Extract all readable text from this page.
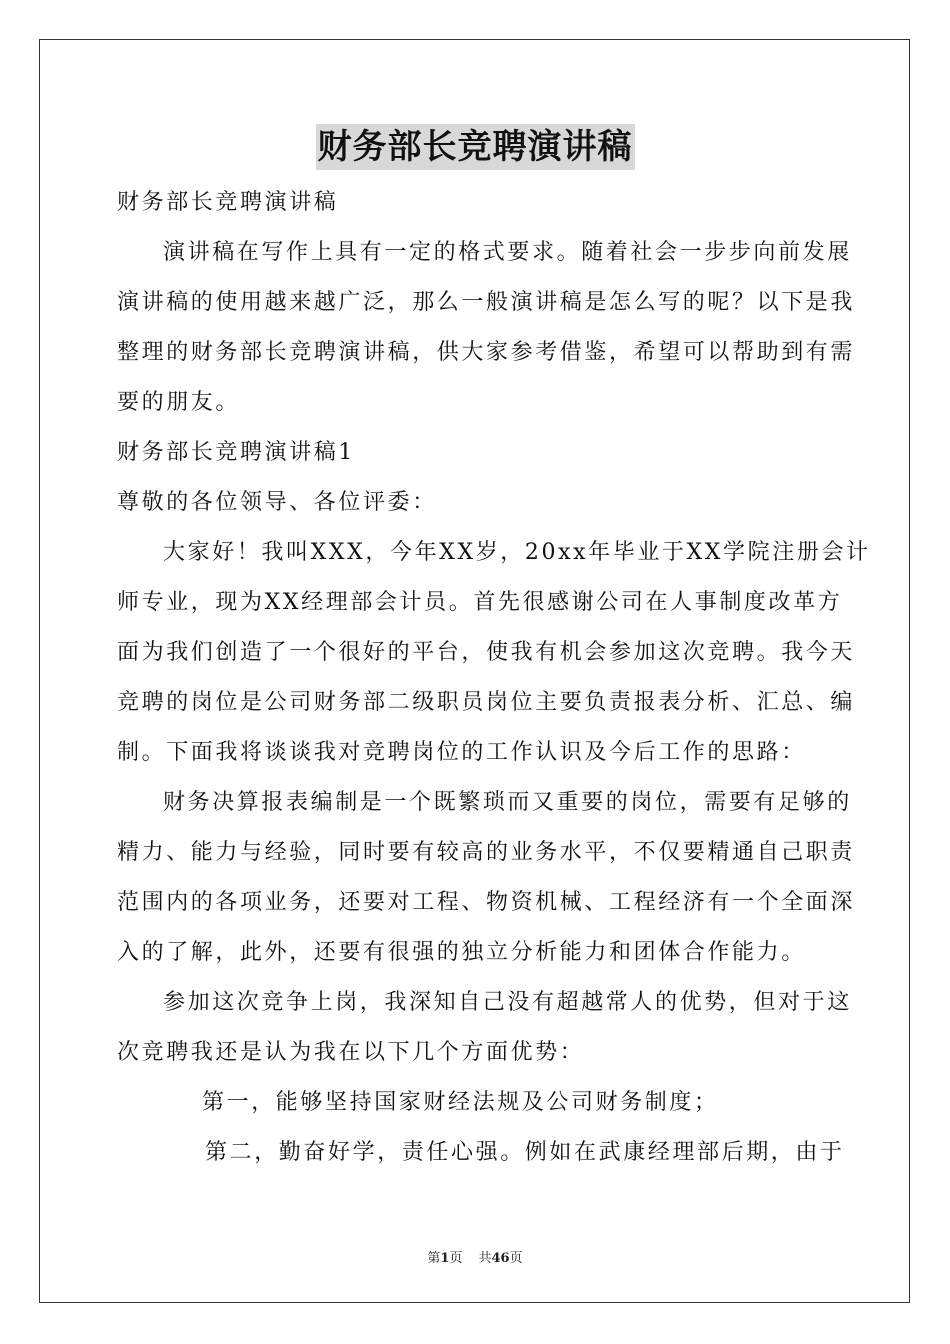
财务部长竞聘演讲稿
财务部长竞聘演讲稿
演讲稿在写作上具有一定的格式要求。随着社会一步步向前发展
演讲稿的使用越来越广泛，那么一般演讲稿是怎么写的呢？以下是我
整理的财务部长竞聘演讲稿，供大家参考借鉴，希望可以帮助到有需
要的朋友。
财务部长竞聘演讲稿1
尊敬的各位领导、各位评委：
大家好！我叫XXX，今年XX岁，20xx年毕业于XX学院注册会计
师专业，现为XX经理部会计员。首先很感谢公司在人事制度改革方
面为我们创造了一个很好的平台，使我有机会参加这次竞聘。我今天
竞聘的岗位是公司财务部二级职员岗位主要负责报表分析、汇总、编
制。下面我将谈谈我对竞聘岗位的工作认识及今后工作的思路：
财务决算报表编制是一个既繁琐而又重要的岗位，需要有足够的
精力、能力与经验，同时要有较高的业务水平，不仅要精通自己职责
范围内的各项业务，还要对工程、物资机械、工程经济有一个全面深
入的了解，此外，还要有很强的独立分析能力和团体合作能力。
参加这次竞争上岗，我深知自己没有超越常人的优势，但对于这
次竞聘我还是认为我在以下几个方面优势：
第一，能够坚持国家财经法规及公司财务制度；
第二，勤奋好学，责任心强。例如在武康经理部后期，由于
第1页 共46页
